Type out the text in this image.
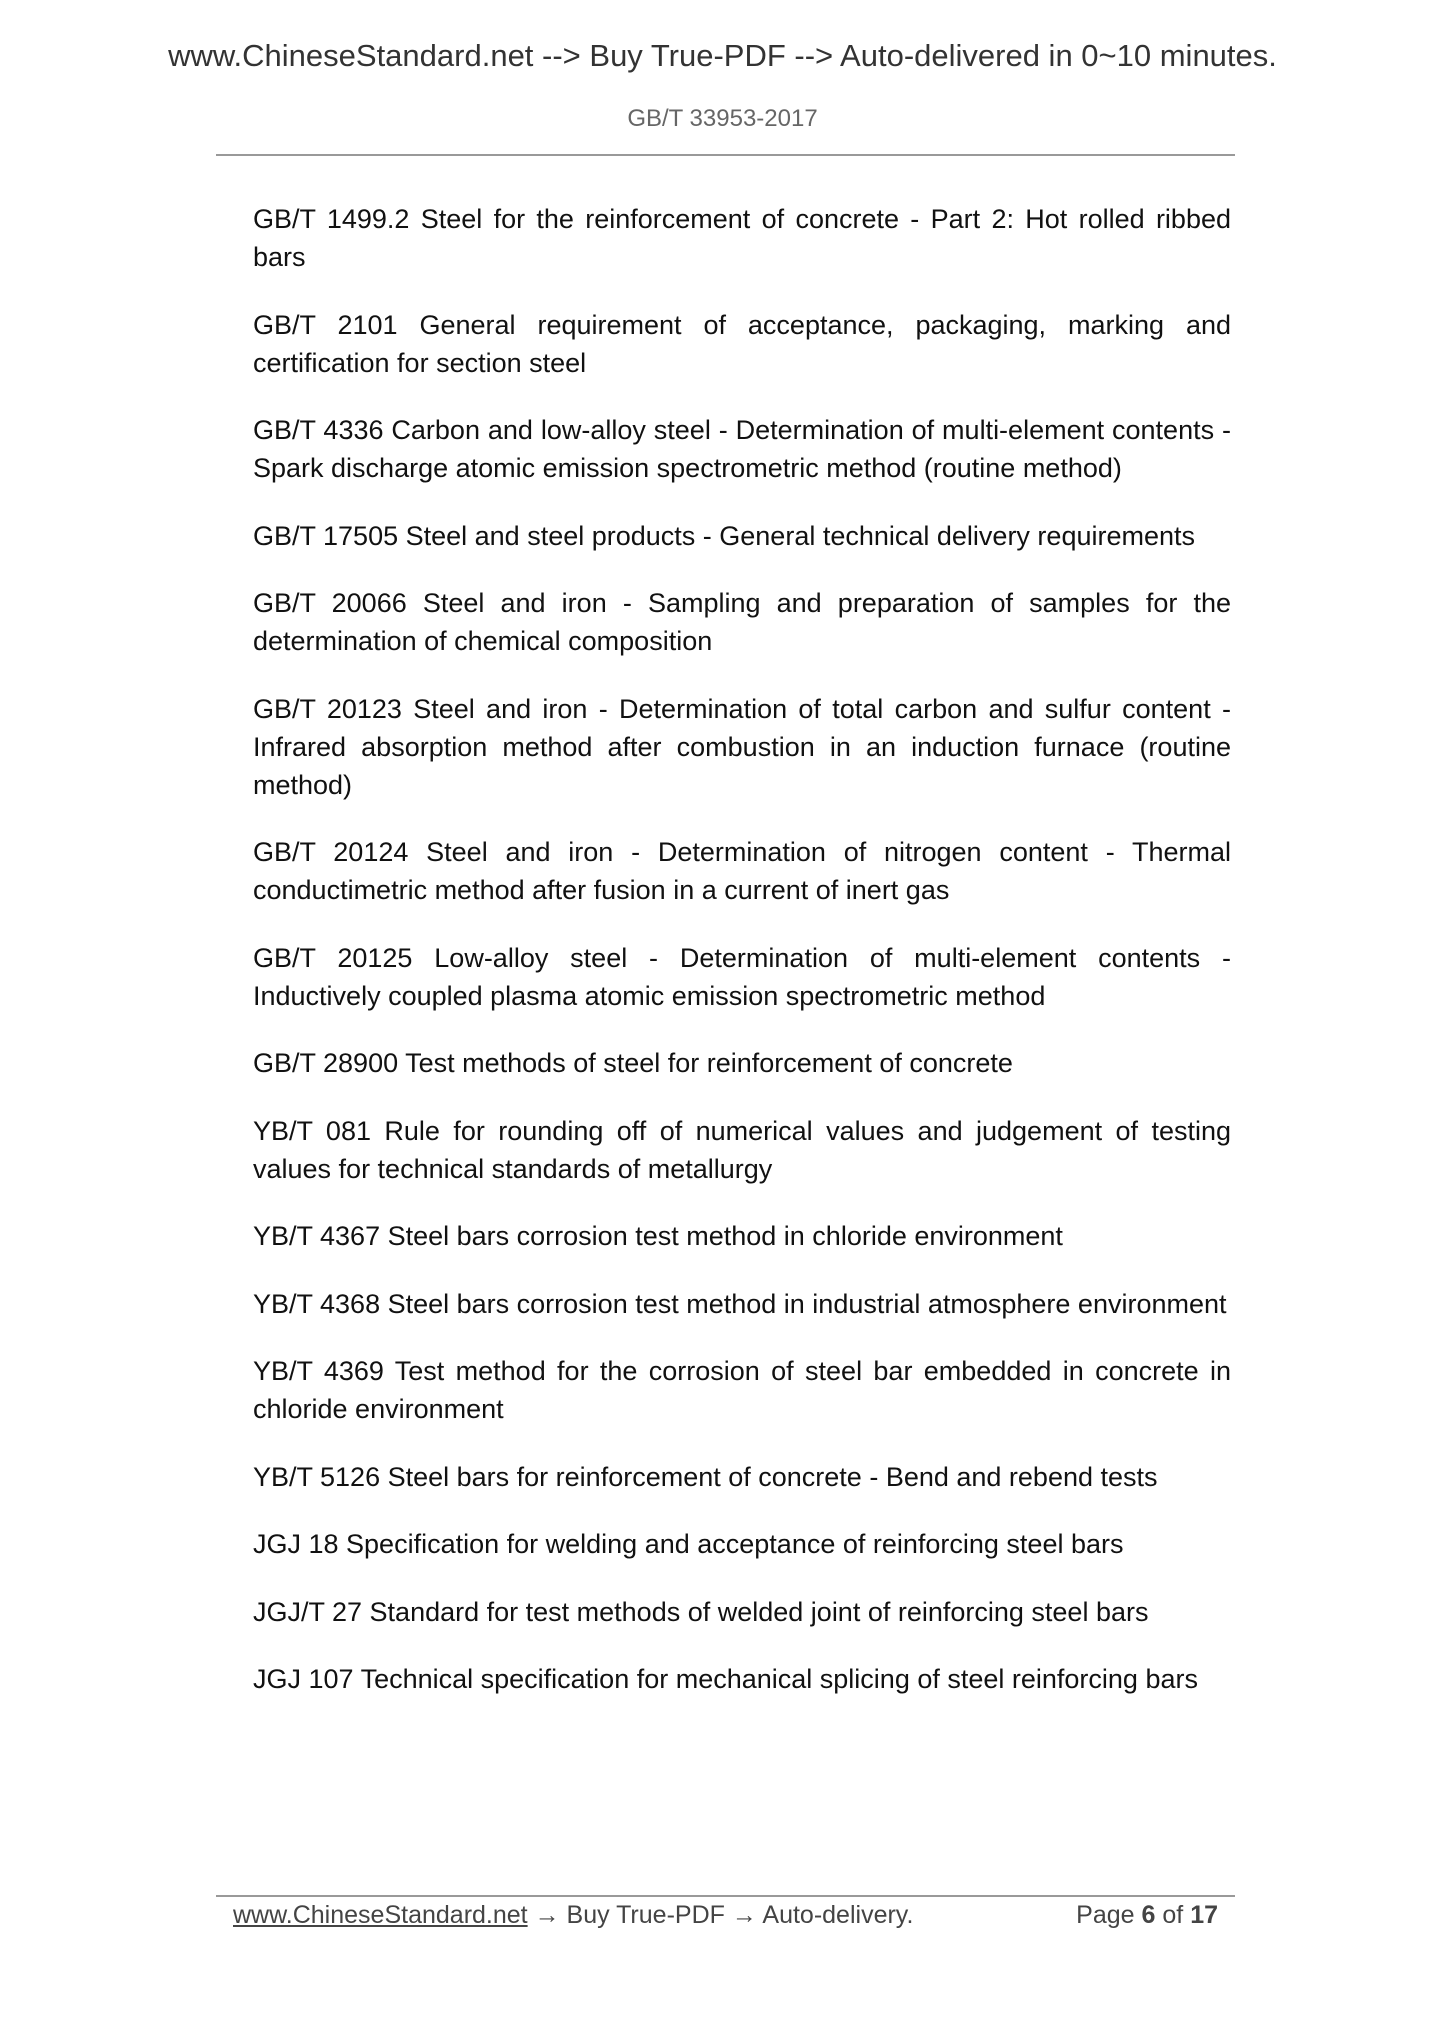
www.ChineseStandard.net --> Buy True-PDF --> Auto-delivered in 0~10 minutes.
GB/T 33953-2017

GB/T 1499.2 Steel for the reinforcement of concrete - Part 2: Hot rolled ribbed bars

GB/T 2101 General requirement of acceptance, packaging, marking and certification for section steel

GB/T 4336 Carbon and low-alloy steel - Determination of multi-element contents - Spark discharge atomic emission spectrometric method (routine method)

GB/T 17505 Steel and steel products - General technical delivery requirements

GB/T 20066 Steel and iron - Sampling and preparation of samples for the determination of chemical composition

GB/T 20123 Steel and iron - Determination of total carbon and sulfur content - Infrared absorption method after combustion in an induction furnace (routine method)

GB/T 20124 Steel and iron - Determination of nitrogen content - Thermal conductimetric method after fusion in a current of inert gas

GB/T 20125 Low-alloy steel - Determination of multi-element contents - Inductively coupled plasma atomic emission spectrometric method

GB/T 28900 Test methods of steel for reinforcement of concrete

YB/T 081 Rule for rounding off of numerical values and judgement of testing values for technical standards of metallurgy

YB/T 4367 Steel bars corrosion test method in chloride environment

YB/T 4368 Steel bars corrosion test method in industrial atmosphere environment

YB/T 4369 Test method for the corrosion of steel bar embedded in concrete in chloride environment

YB/T 5126 Steel bars for reinforcement of concrete - Bend and rebend tests

JGJ 18 Specification for welding and acceptance of reinforcing steel bars

JGJ/T 27 Standard for test methods of welded joint of reinforcing steel bars

JGJ 107 Technical specification for mechanical splicing of steel reinforcing bars

www.ChineseStandard.net → Buy True-PDF → Auto-delivery.	Page 6 of 17
